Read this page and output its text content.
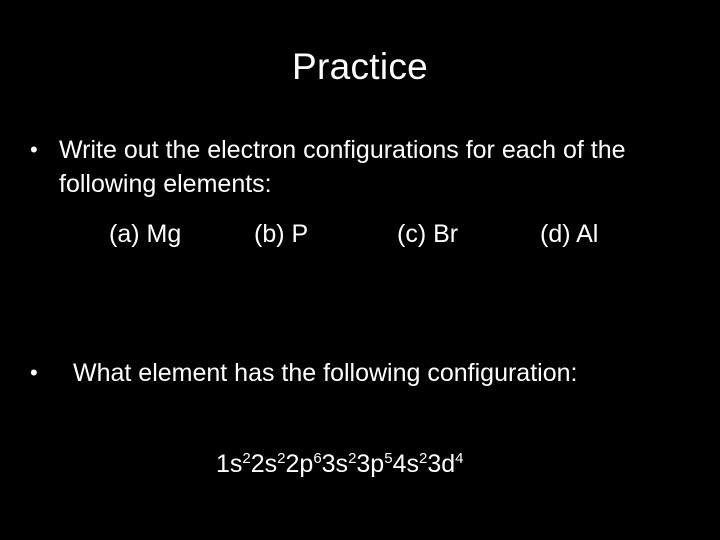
Practice
• Write out the electron configurations for each of the following elements:
(a) Mg	(b) P	(c) Br	(d) Al
• What element has the following configuration:
$1s^22s^22p^63s^23p^54s^23d^4$
